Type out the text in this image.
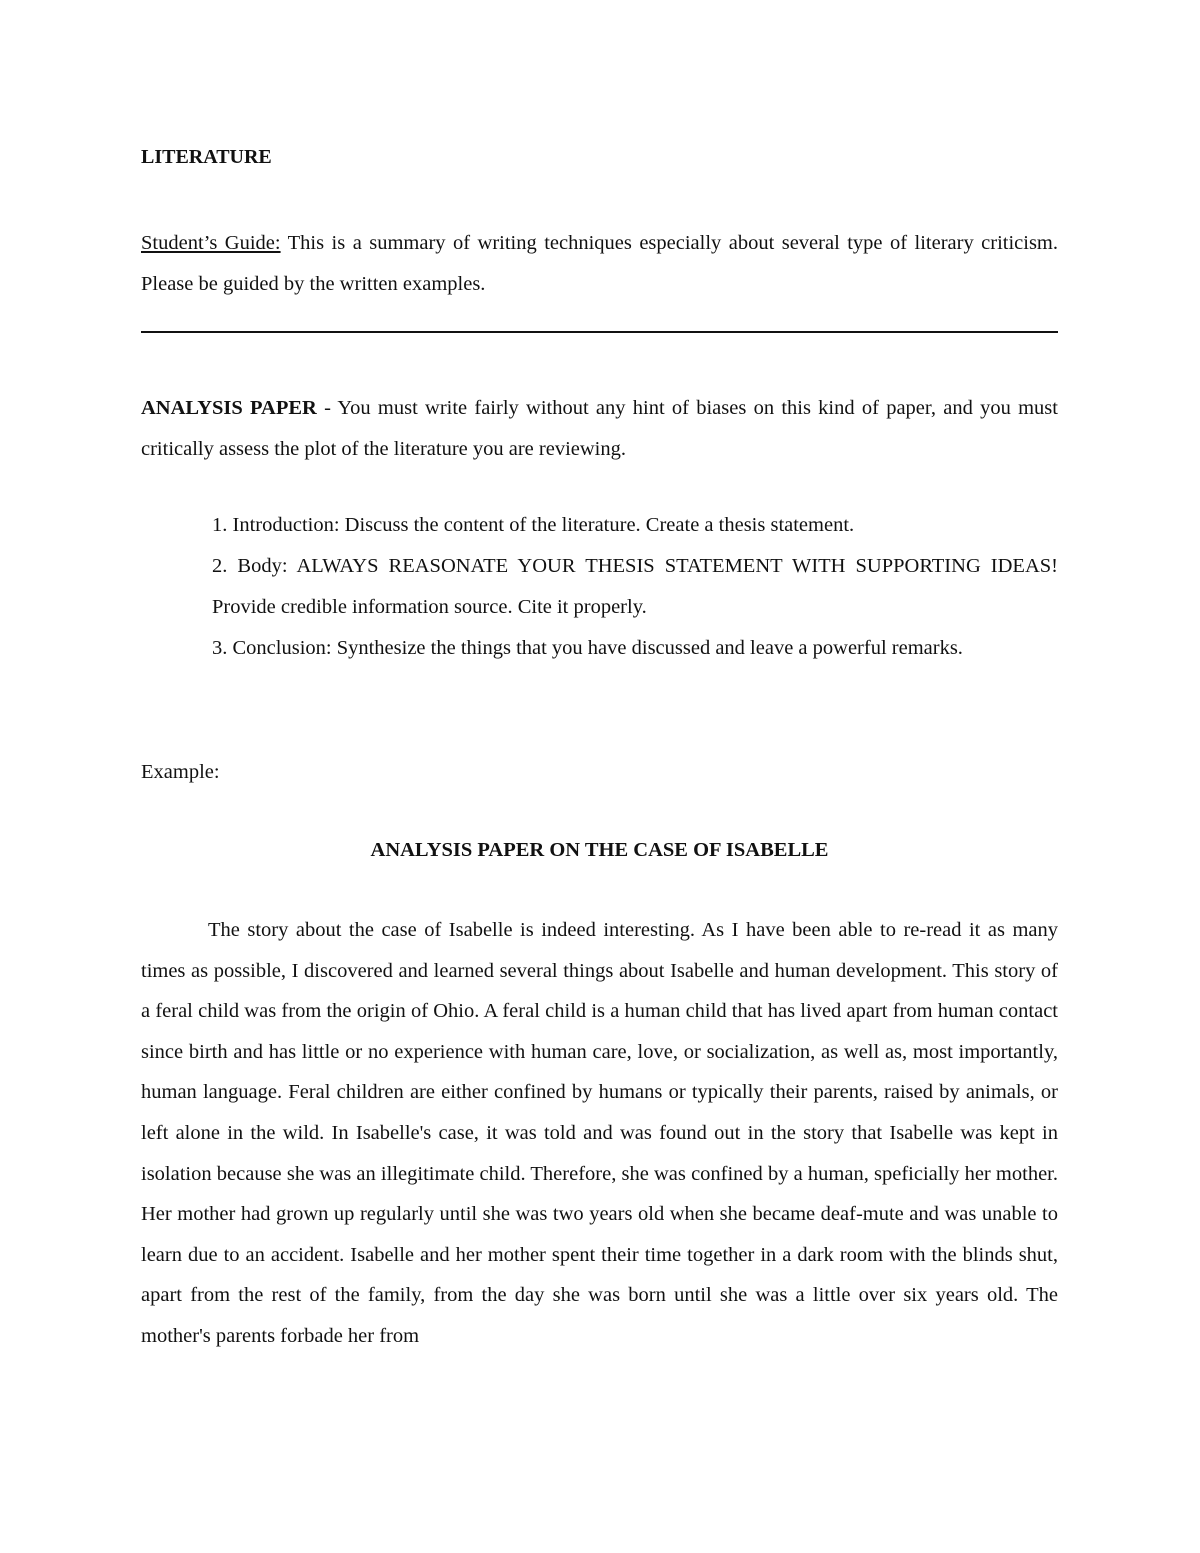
LITERATURE
Student’s Guide: This is a summary of writing techniques especially about several type of literary criticism. Please be guided by the written examples.
ANALYSIS PAPER - You must write fairly without any hint of biases on this kind of paper, and you must critically assess the plot of the literature you are reviewing.
1. Introduction: Discuss the content of the literature. Create a thesis statement.
2. Body: ALWAYS REASONATE YOUR THESIS STATEMENT WITH SUPPORTING IDEAS! Provide credible information source. Cite it properly.
3. Conclusion: Synthesize the things that you have discussed and leave a powerful remarks.
Example:
ANALYSIS PAPER ON THE CASE OF ISABELLE

The story about the case of Isabelle is indeed interesting. As I have been able to re-read it as many times as possible, I discovered and learned several things about Isabelle and human development. This story of a feral child was from the origin of Ohio. A feral child is a human child that has lived apart from human contact since birth and has little or no experience with human care, love, or socialization, as well as, most importantly, human language. Feral children are either confined by humans or typically their parents, raised by animals, or left alone in the wild. In Isabelle's case, it was told and was found out in the story that Isabelle was kept in isolation because she was an illegitimate child. Therefore, she was confined by a human, speficially her mother. Her mother had grown up regularly until she was two years old when she became deaf-mute and was unable to learn due to an accident. Isabelle and her mother spent their time together in a dark room with the blinds shut, apart from the rest of the family, from the day she was born until she was a little over six years old. The mother's parents forbade her from
